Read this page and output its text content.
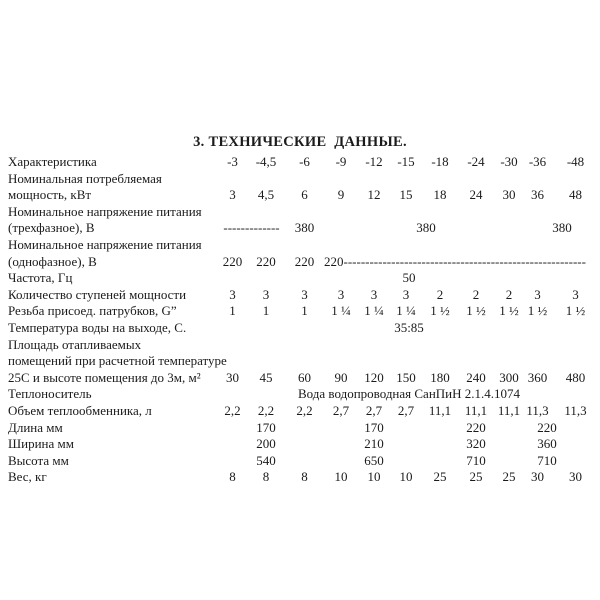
3. ТЕХНИЧЕСКИЕ  ДАННЫЕ.
Характеристика	-3	-4,5	-6	-9	-12	-15	-18	-24	-30	-36	-48

Номинальная потребляемая
мощность, кВт	3	4,5	6	9	12	15	18	24	30	36	48

Номинальное напряжение питания
(трехфазное), В	-------------		380		380					380	

Номинальное напряжение питания
(однофазное), В	220	220	220	220--------------------------------------------------------							

Частота, Гц	50										

Количество ступеней мощности	3	3	3	3	3	3	2	2	2	3	3

Резьба присоед. патрубков, G”	1	1	1	1 ¼	1 ¼	1 ¼	1 ½	1 ½	1 ½	1 ½	1 ½

Температура воды на выходе, С.	35:85										

Площадь отапливаемых
помещений при расчетной температуре
25С и высоте помещения до 3м, м²	30	45	60	90	120	150	180	240	300	360	480

Теплоноситель	Вода водопроводная СанПиН 2.1.4.1074										

Объем теплообменника, л	2,2	2,2	2,2	2,7	2,7	2,7	11,1	11,1	11,1	11,3	11,3

Длина мм		170			170			220	220		

Ширина мм		200			210			320	360		

Высота мм		540			650			710	710		

Вес, кг	8	8	8	10	10	10	25	25	25	30	30
